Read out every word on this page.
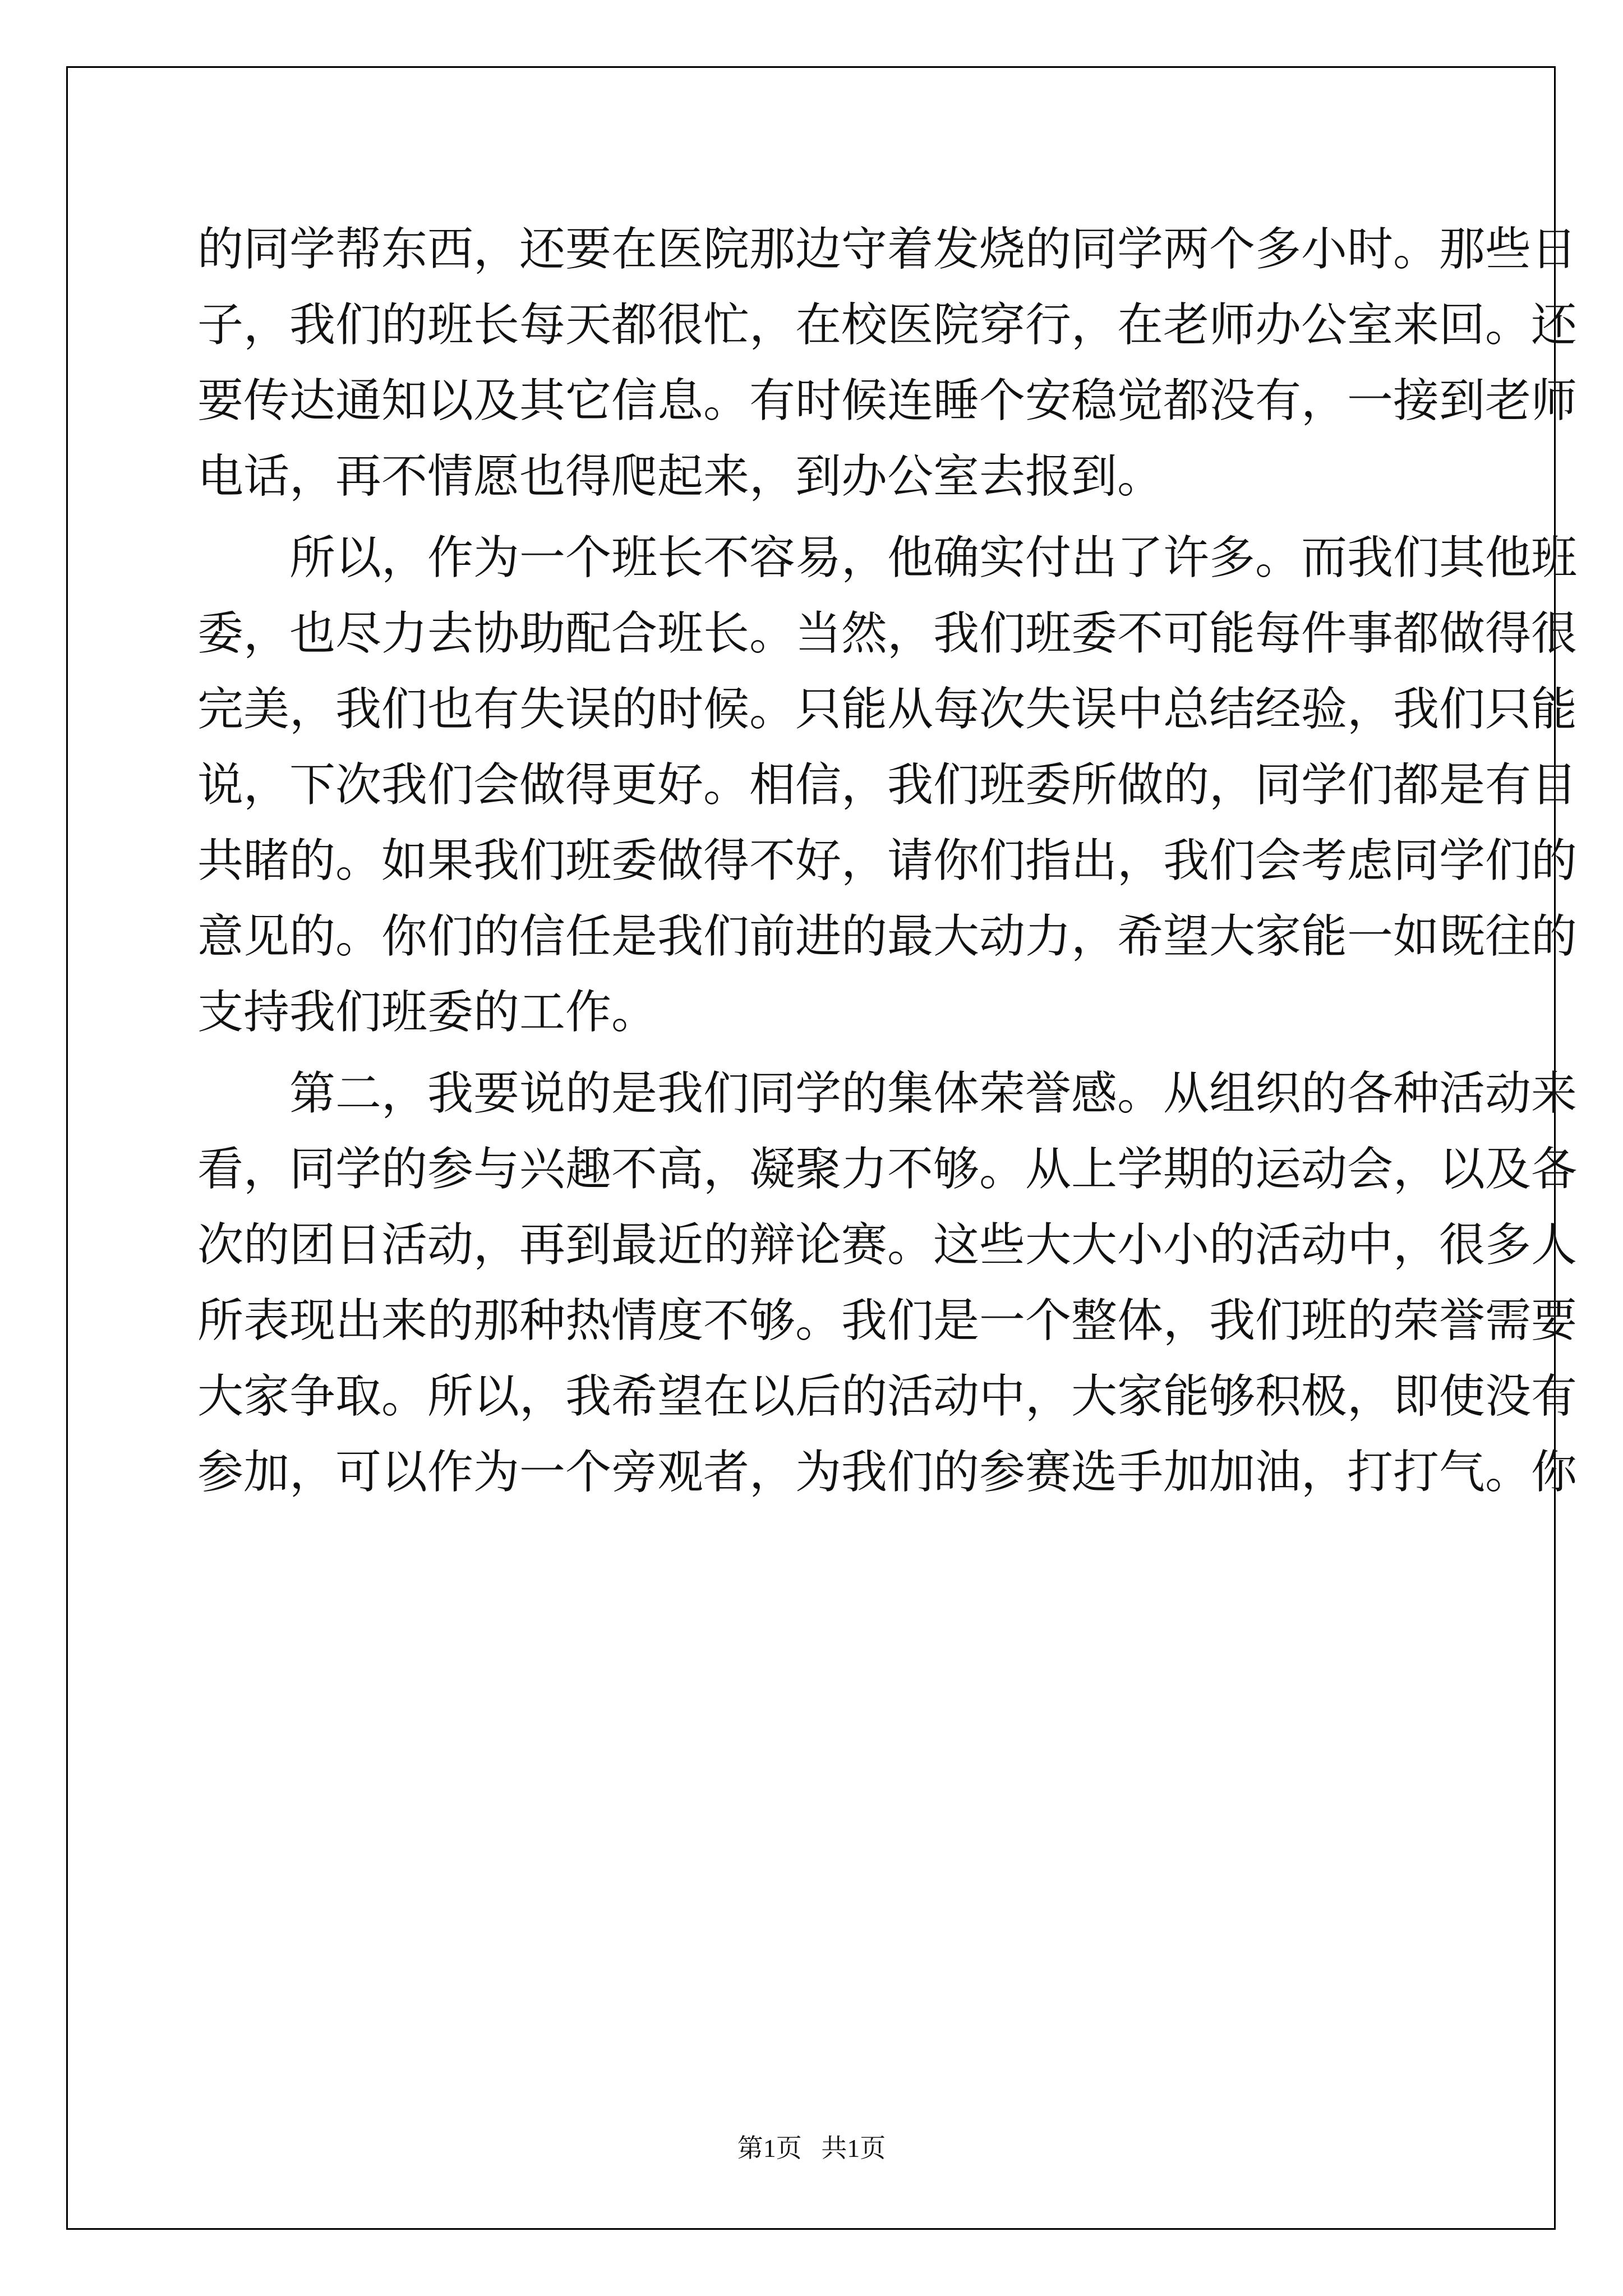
的同学帮东西，还要在医院那边守着发烧的同学两个多小时。那些日

子，我们的班长每天都很忙，在校医院穿行，在老师办公室来回。还

要传达通知以及其它信息。有时候连睡个安稳觉都没有，一接到老师

电话，再不情愿也得爬起来，到办公室去报到。

所以，作为一个班长不容易，他确实付出了许多。而我们其他班

委，也尽力去协助配合班长。当然，我们班委不可能每件事都做得很

完美，我们也有失误的时候。只能从每次失误中总结经验，我们只能

说，下次我们会做得更好。相信，我们班委所做的，同学们都是有目

共睹的。如果我们班委做得不好，请你们指出，我们会考虑同学们的

意见的。你们的信任是我们前进的最大动力，希望大家能一如既往的

支持我们班委的工作。

第二，我要说的是我们同学的集体荣誉感。从组织的各种活动来

看，同学的参与兴趣不高，凝聚力不够。从上学期的运动会，以及各

次的团日活动，再到最近的辩论赛。这些大大小小的活动中，很多人

所表现出来的那种热情度不够。我们是一个整体，我们班的荣誉需要

大家争取。所以，我希望在以后的活动中，大家能够积极，即使没有

参加，可以作为一个旁观者，为我们的参赛选手加加油，打打气。你

第1页   共1页
